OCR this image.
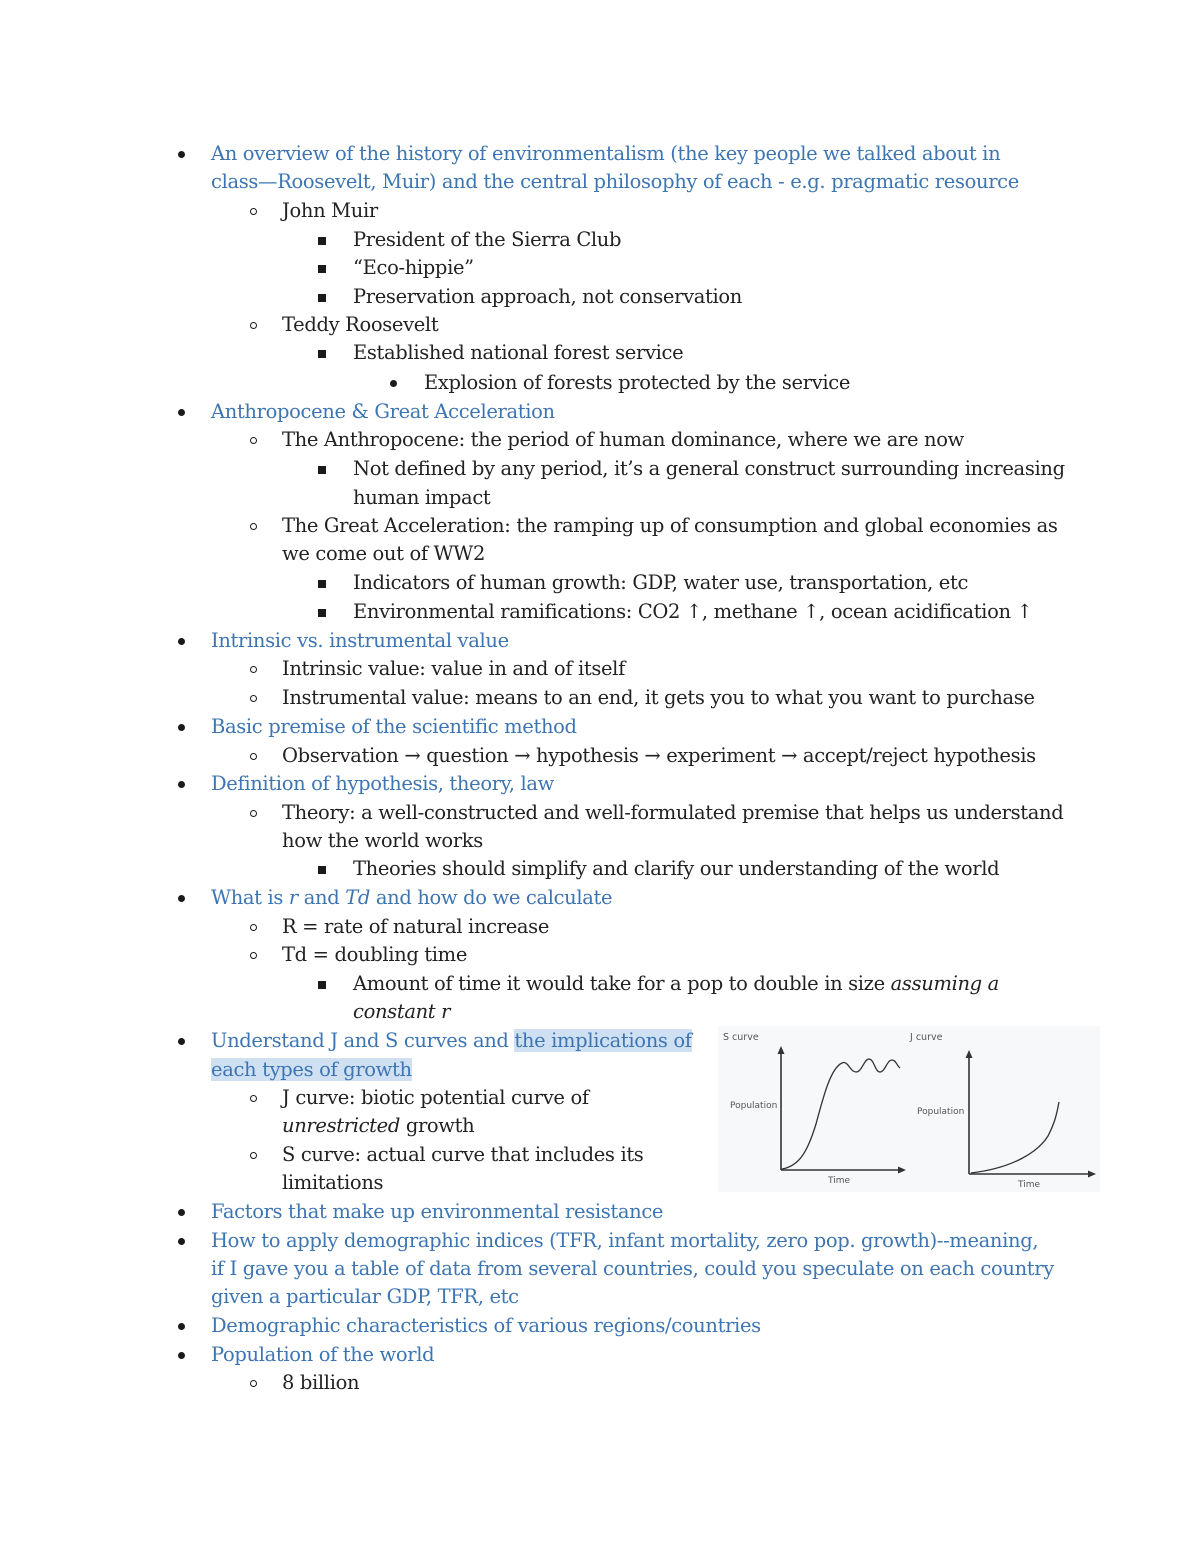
An overview of the history of environmentalism (the key people we talked about in
class—Roosevelt, Muir) and the central philosophy of each - e.g. pragmatic resource
John Muir
President of the Sierra Club
“Eco-hippie”
Preservation approach, not conservation
Teddy Roosevelt
Established national forest service
Explosion of forests protected by the service
Anthropocene & Great Acceleration
The Anthropocene: the period of human dominance, where we are now
Not defined by any period, it’s a general construct surrounding increasing
human impact
The Great Acceleration: the ramping up of consumption and global economies as
we come out of WW2
Indicators of human growth: GDP, water use, transportation, etc
Environmental ramifications: CO2 ↑, methane ↑, ocean acidification ↑
Intrinsic vs. instrumental value
Intrinsic value: value in and of itself
Instrumental value: means to an end, it gets you to what you want to purchase
Basic premise of the scientific method
Observation → question → hypothesis → experiment → accept/reject hypothesis
Definition of hypothesis, theory, law
Theory: a well-constructed and well-formulated premise that helps us understand
how the world works
Theories should simplify and clarify our understanding of the world
What is r and Td and how do we calculate
R = rate of natural increase
Td = doubling time
Amount of time it would take for a pop to double in size assuming a
constant r
Understand J and S curves and the implications of
each types of growth
J curve: biotic potential curve of
unrestricted growth
S curve: actual curve that includes its
limitations
S curve
Population
Time
J curve
Population
Time
Factors that make up environmental resistance
How to apply demographic indices (TFR, infant mortality, zero pop. growth)--meaning,
if I gave you a table of data from several countries, could you speculate on each country
given a particular GDP, TFR, etc
Demographic characteristics of various regions/countries
Population of the world
8 billion
